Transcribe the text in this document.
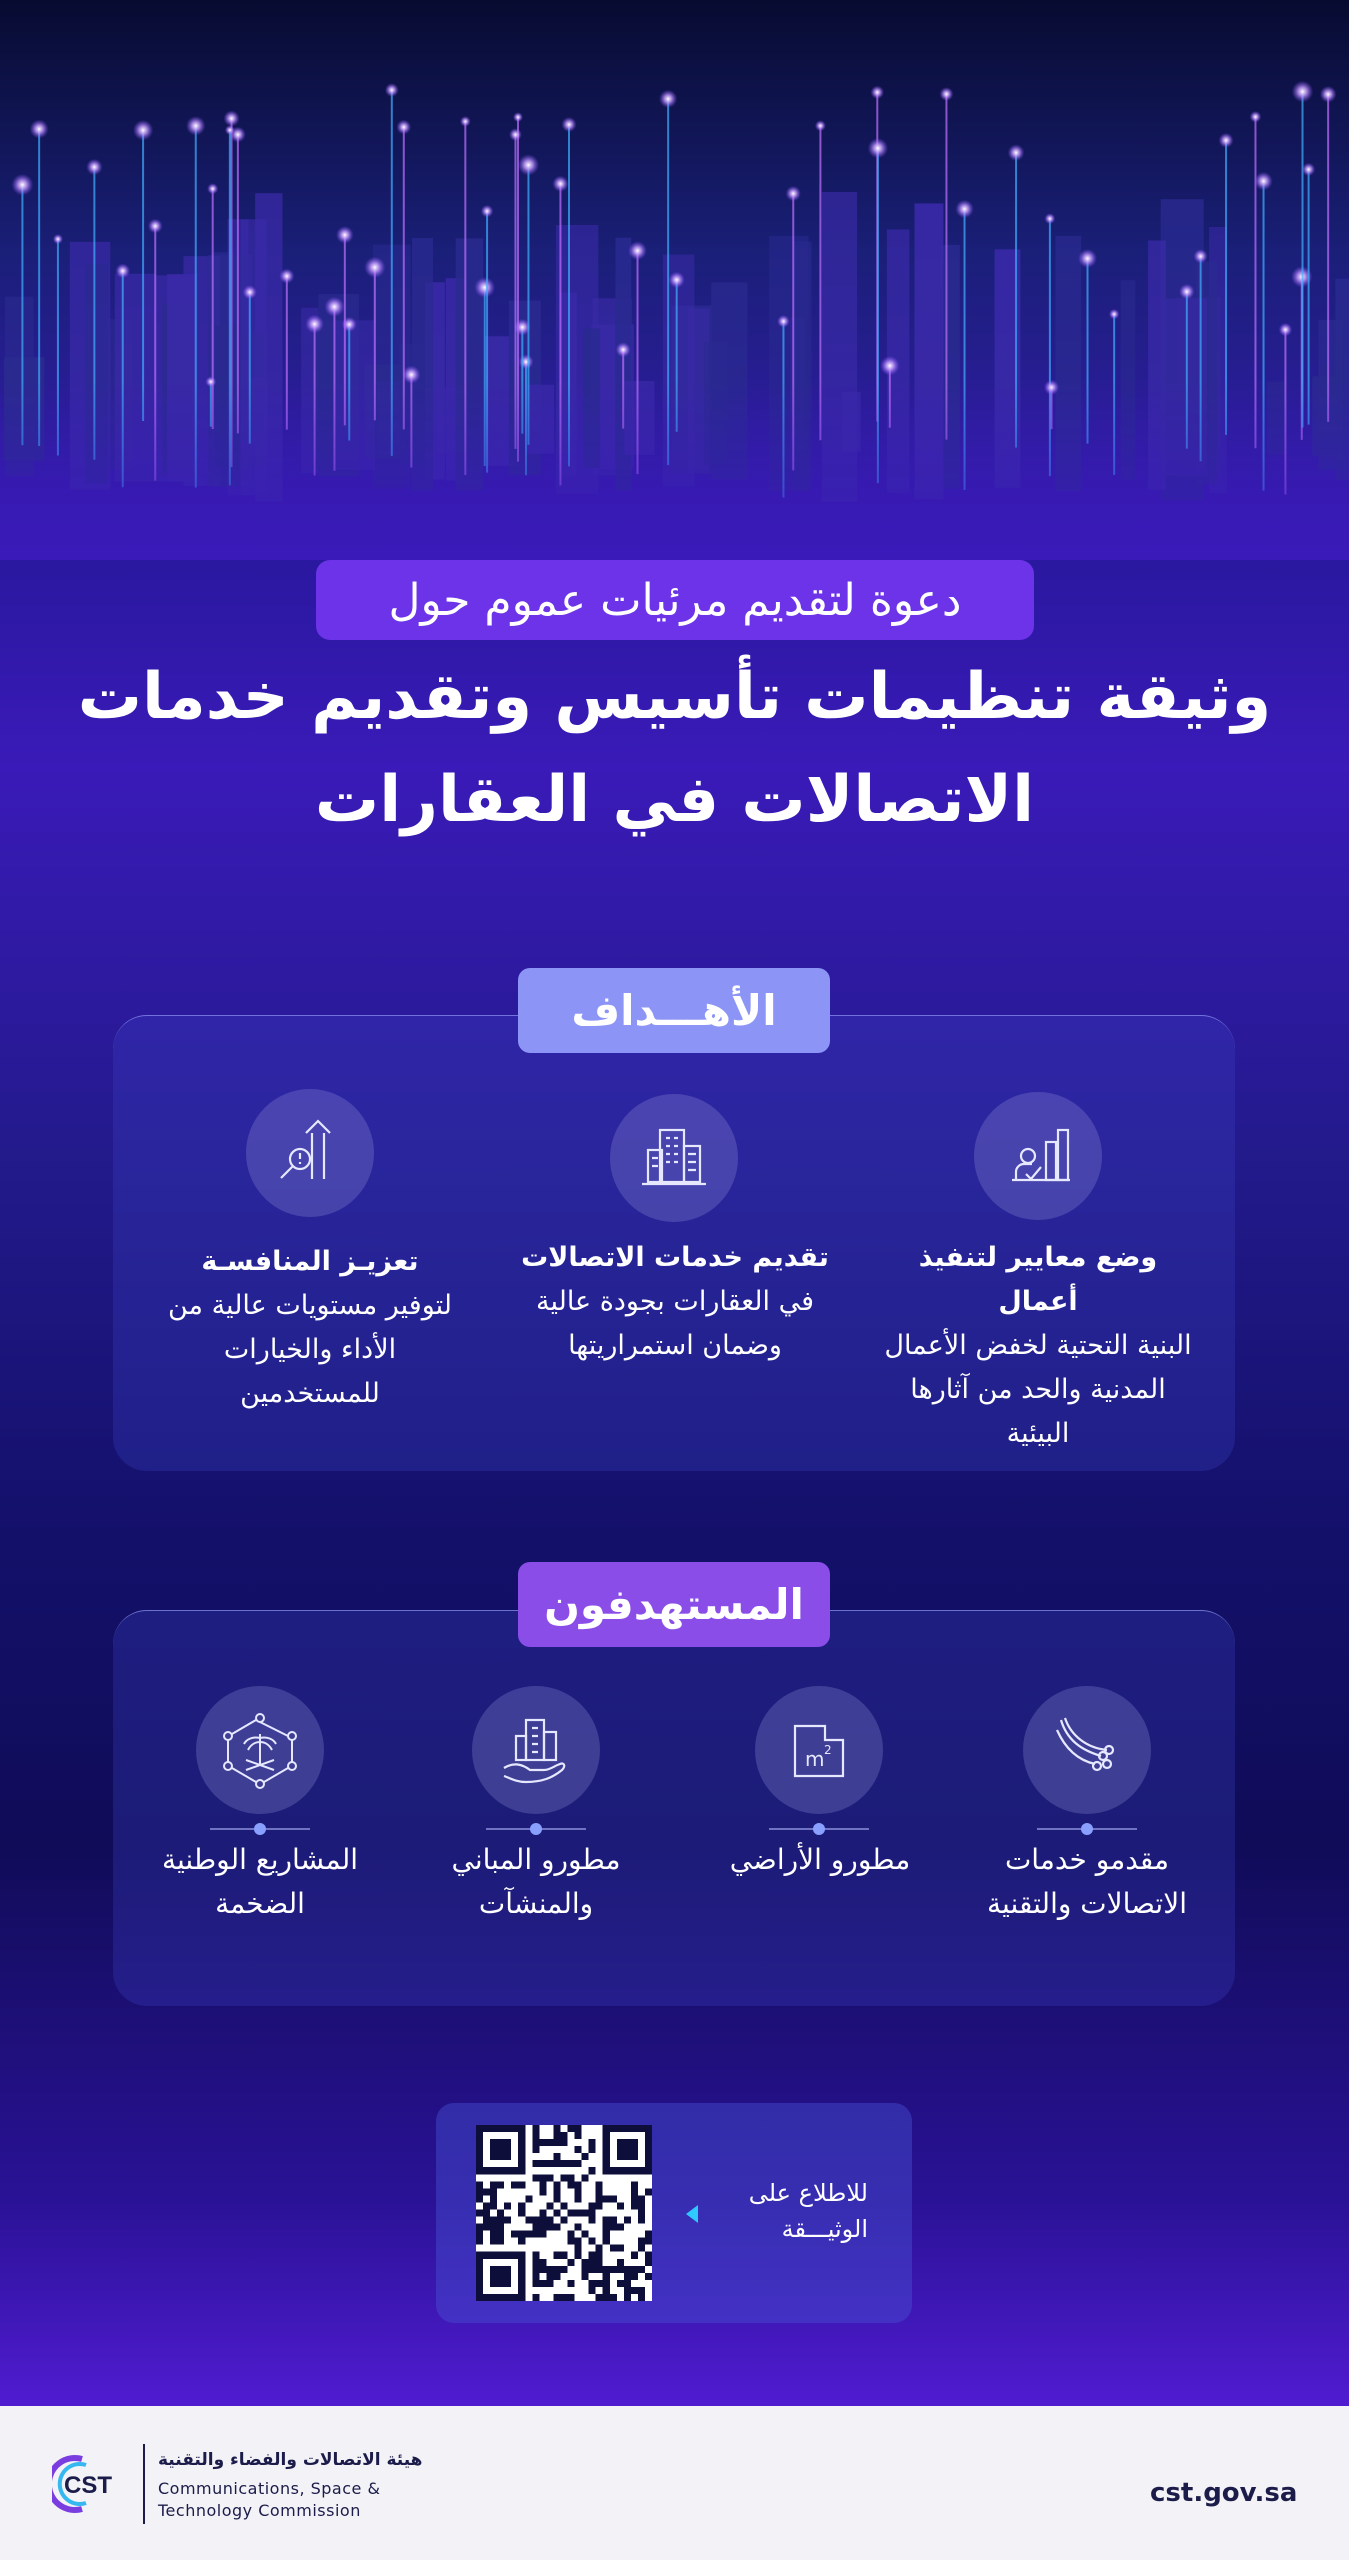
دعوة لتقديم مرئيات عموم حول
وثيقة تنظيمات تأسيس وتقديم خدمات
الاتصالات في العقارات
الأهـــداف
وضع معايير لتنفيذ أعمال
البنية التحتية لخفض الأعمال المدنية والحد من آثارها البيئية
تقديم خدمات الاتصالات
في العقارات بجودة عالية وضمان استمراريتها
تعزيـز المنافسـة
لتوفير مستويات عالية من الأداء والخيارات للمستخدمين
المستهدفون
m 2
مقدمو خدمات الاتصالات والتقنية
مطورو الأراضي
مطورو المباني والمنشآت
المشاريع الوطنية الضخمة
للاطلاع على
الوثيـــقة
CST
هيئة الاتصالات والفضاء والتقنية
Communications, Space &
Technology Commission
cst.gov.sa
